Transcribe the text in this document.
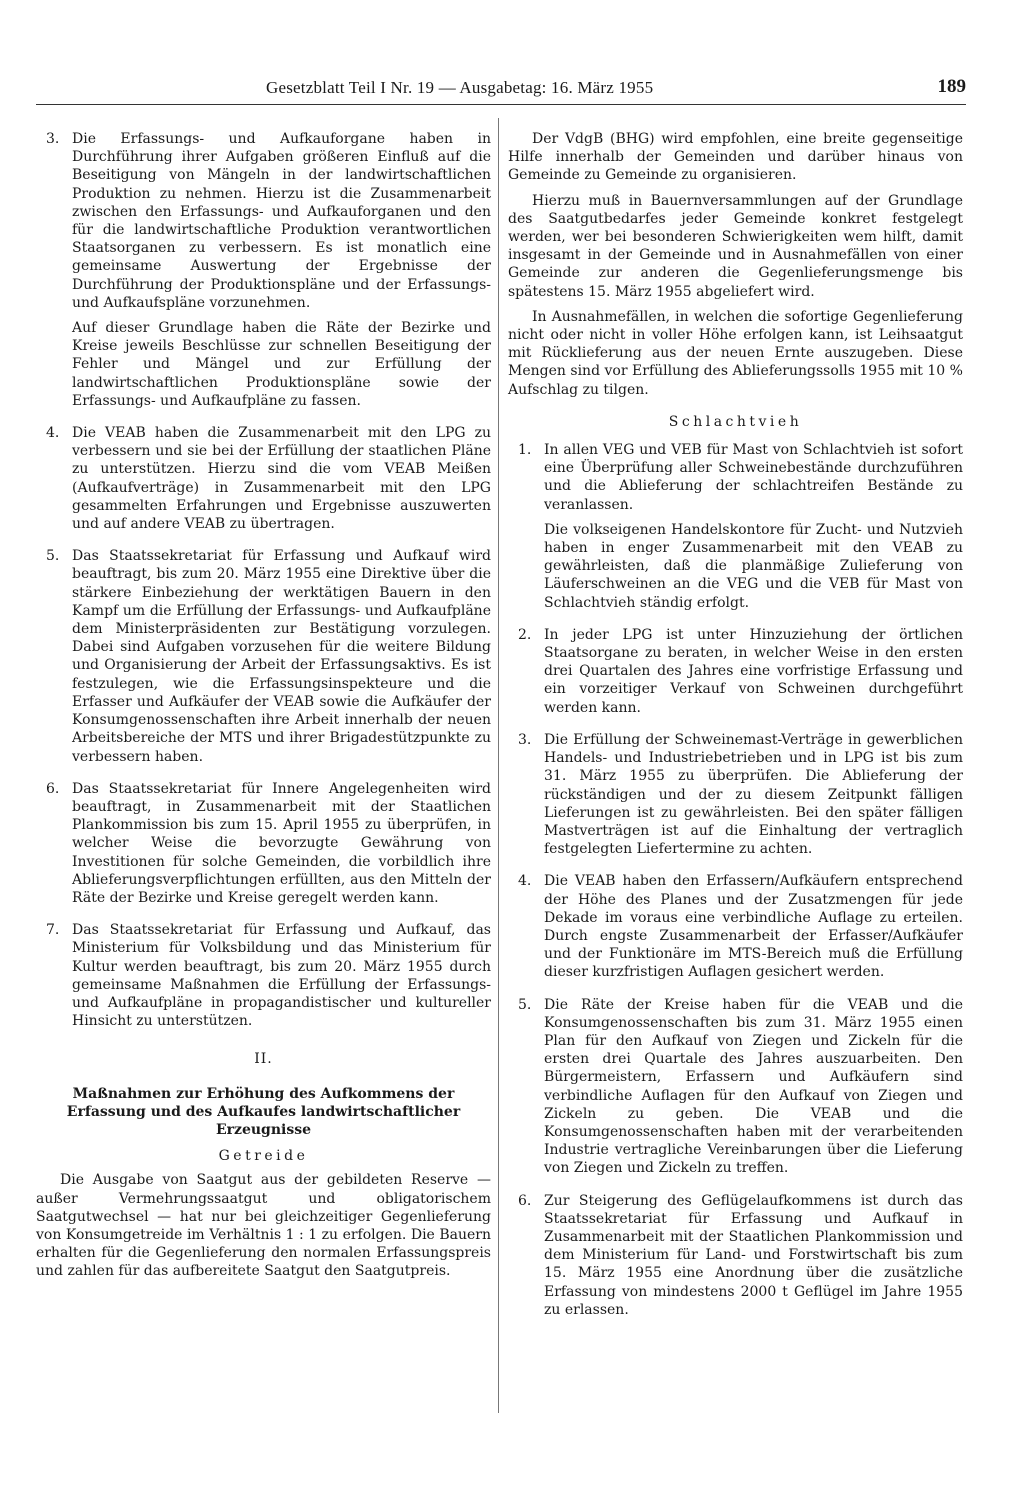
Gesetzblatt Teil I Nr. 19 — Ausgabetag: 16. März 1955	189
3. Die Erfassungs- und Aufkauforgane haben in Durchführung ihrer Aufgaben größeren Einfluß auf die Beseitigung von Mängeln in der landwirtschaftlichen Produktion zu nehmen. Hierzu ist die Zusammenarbeit zwischen den Erfassungs- und Aufkauforganen und den für die landwirtschaftliche Produktion verantwortlichen Staatsorganen zu verbessern. Es ist monatlich eine gemeinsame Auswertung der Ergebnisse der Durchführung der Produktionspläne und der Erfassungs- und Aufkaufspläne vorzunehmen.

Auf dieser Grundlage haben die Räte der Bezirke und Kreise jeweils Beschlüsse zur schnellen Beseitigung der Fehler und Mängel und zur Erfüllung der landwirtschaftlichen Produktionspläne sowie der Erfassungs- und Aufkaufpläne zu fassen.

4. Die VEAB haben die Zusammenarbeit mit den LPG zu verbessern und sie bei der Erfüllung der staatlichen Pläne zu unterstützen. Hierzu sind die vom VEAB Meißen (Aufkaufverträge) in Zusammenarbeit mit den LPG gesammelten Erfahrungen und Ergebnisse auszuwerten und auf andere VEAB zu übertragen.

5. Das Staatssekretariat für Erfassung und Aufkauf wird beauftragt, bis zum 20. März 1955 eine Direktive über die stärkere Einbeziehung der werktätigen Bauern in den Kampf um die Erfüllung der Erfassungs- und Aufkaufpläne dem Ministerpräsidenten zur Bestätigung vorzulegen. Dabei sind Aufgaben vorzusehen für die weitere Bildung und Organisierung der Arbeit der Erfassungsaktivs. Es ist festzulegen, wie die Erfassungsinspekteure und die Erfasser und Aufkäufer der VEAB sowie die Aufkäufer der Konsumgenossenschaften ihre Arbeit innerhalb der neuen Arbeitsbereiche der MTS und ihrer Brigadestützpunkte zu verbessern haben.

6. Das Staatssekretariat für Innere Angelegenheiten wird beauftragt, in Zusammenarbeit mit der Staatlichen Plankommission bis zum 15. April 1955 zu überprüfen, in welcher Weise die bevorzugte Gewährung von Investitionen für solche Gemeinden, die vorbildlich ihre Ablieferungsverpflichtungen erfüllten, aus den Mitteln der Räte der Bezirke und Kreise geregelt werden kann.

7. Das Staatssekretariat für Erfassung und Aufkauf, das Ministerium für Volksbildung und das Ministerium für Kultur werden beauftragt, bis zum 20. März 1955 durch gemeinsame Maßnahmen die Erfüllung der Erfassungs- und Aufkaufpläne in propagandistischer und kultureller Hinsicht zu unterstützen.

II.
Maßnahmen zur Erhöhung des Aufkommens der Erfassung und des Aufkaufes landwirtschaftlicher Erzeugnisse
Getreide

Die Ausgabe von Saatgut aus der gebildeten Reserve — außer Vermehrungssaatgut und obligatorischem Saatgutwechsel — hat nur bei gleichzeitiger Gegenlieferung von Konsumgetreide im Verhältnis 1 : 1 zu erfolgen. Die Bauern erhalten für die Gegenlieferung den normalen Erfassungspreis und zahlen für das aufbereitete Saatgut den Saatgutpreis.

Der VdgB (BHG) wird empfohlen, eine breite gegenseitige Hilfe innerhalb der Gemeinden und darüber hinaus von Gemeinde zu Gemeinde zu organisieren.

Hierzu muß in Bauernversammlungen auf der Grundlage des Saatgutbedarfes jeder Gemeinde konkret festgelegt werden, wer bei besonderen Schwierigkeiten wem hilft, damit insgesamt in der Gemeinde und in Ausnahmefällen von einer Gemeinde zur anderen die Gegenlieferungsmenge bis spätestens 15. März 1955 abgeliefert wird.

In Ausnahmefällen, in welchen die sofortige Gegenlieferung nicht oder nicht in voller Höhe erfolgen kann, ist Leihsaatgut mit Rücklieferung aus der neuen Ernte auszugeben. Diese Mengen sind vor Erfüllung des Ablieferungssolls 1955 mit 10 % Aufschlag zu tilgen.

Schlachtvieh
1. In allen VEG und VEB für Mast von Schlachtvieh ist sofort eine Überprüfung aller Schweinebestände durchzuführen und die Ablieferung der schlachtreifen Bestände zu veranlassen.

Die volkseigenen Handelskontore für Zucht- und Nutzvieh haben in enger Zusammenarbeit mit den VEAB zu gewährleisten, daß die planmäßige Zulieferung von Läuferschweinen an die VEG und die VEB für Mast von Schlachtvieh ständig erfolgt.

2. In jeder LPG ist unter Hinzuziehung der örtlichen Staatsorgane zu beraten, in welcher Weise in den ersten drei Quartalen des Jahres eine vorfristige Erfassung und ein vorzeitiger Verkauf von Schweinen durchgeführt werden kann.

3. Die Erfüllung der Schweinemast-Verträge in gewerblichen Handels- und Industriebetrieben und in LPG ist bis zum 31. März 1955 zu überprüfen. Die Ablieferung der rückständigen und der zu diesem Zeitpunkt fälligen Lieferungen ist zu gewährleisten. Bei den später fälligen Mastverträgen ist auf die Einhaltung der vertraglich festgelegten Liefertermine zu achten.

4. Die VEAB haben den Erfassern/Aufkäufern entsprechend der Höhe des Planes und der Zusatzmengen für jede Dekade im voraus eine verbindliche Auflage zu erteilen. Durch engste Zusammenarbeit der Erfasser/Aufkäufer und der Funktionäre im MTS-Bereich muß die Erfüllung dieser kurzfristigen Auflagen gesichert werden.

5. Die Räte der Kreise haben für die VEAB und die Konsumgenossenschaften bis zum 31. März 1955 einen Plan für den Aufkauf von Ziegen und Zickeln für die ersten drei Quartale des Jahres auszuarbeiten. Den Bürgermeistern, Erfassern und Aufkäufern sind verbindliche Auflagen für den Aufkauf von Ziegen und Zickeln zu geben. Die VEAB und die Konsumgenossenschaften haben mit der verarbeitenden Industrie vertragliche Vereinbarungen über die Lieferung von Ziegen und Zickeln zu treffen.

6. Zur Steigerung des Geflügelaufkommens ist durch das Staatssekretariat für Erfassung und Aufkauf in Zusammenarbeit mit der Staatlichen Plankommission und dem Ministerium für Land- und Forstwirtschaft bis zum 15. März 1955 eine Anordnung über die zusätzliche Erfassung von mindestens 2000 t Geflügel im Jahre 1955 zu erlassen.
